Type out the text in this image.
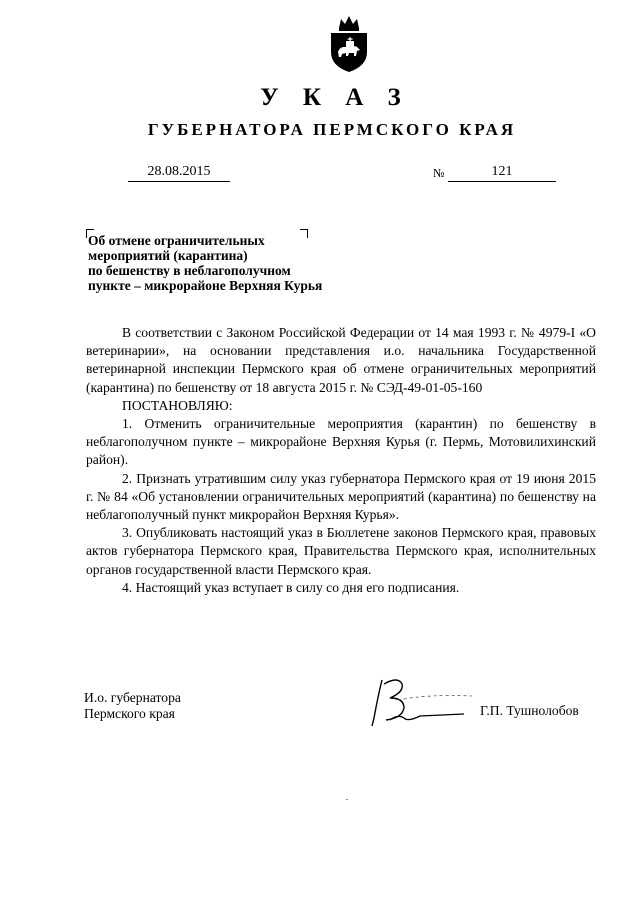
У К А З
ГУБЕРНАТОРА ПЕРМСКОГО КРАЯ
28.08.2015	№	121
Об отмене ограничительных
мероприятий (карантина)
по бешенству в неблагополучном
пункте – микрорайоне Верхняя Курья

В соответствии с Законом Российской Федерации от 14 мая 1993 г. № 4979-I «О ветеринарии», на основании представления и.о. начальника Государственной ветеринарной инспекции Пермского края об отмене ограничительных мероприятий (карантина) по бешенству от 18 августа 2015 г. № СЭД-49-01-05-160

ПОСТАНОВЛЯЮ:

1. Отменить ограничительные мероприятия (карантин) по бешенству в неблагополучном пункте – микрорайоне Верхняя Курья (г. Пермь, Мотовилихинский район).

2. Признать утратившим силу указ губернатора Пермского края от 19 июня 2015 г. № 84 «Об установлении ограничительных мероприятий (карантина) по бешенству на неблагополучный пункт микрорайон Верхняя Курья».

3. Опубликовать настоящий указ в Бюллетене законов Пермского края, правовых актов губернатора Пермского края, Правительства Пермского края, исполнительных органов государственной власти Пермского края.

4. Настоящий указ вступает в силу со дня его подписания.

И.о. губернатора
Пермского края	Г.П. Тушнолобов
